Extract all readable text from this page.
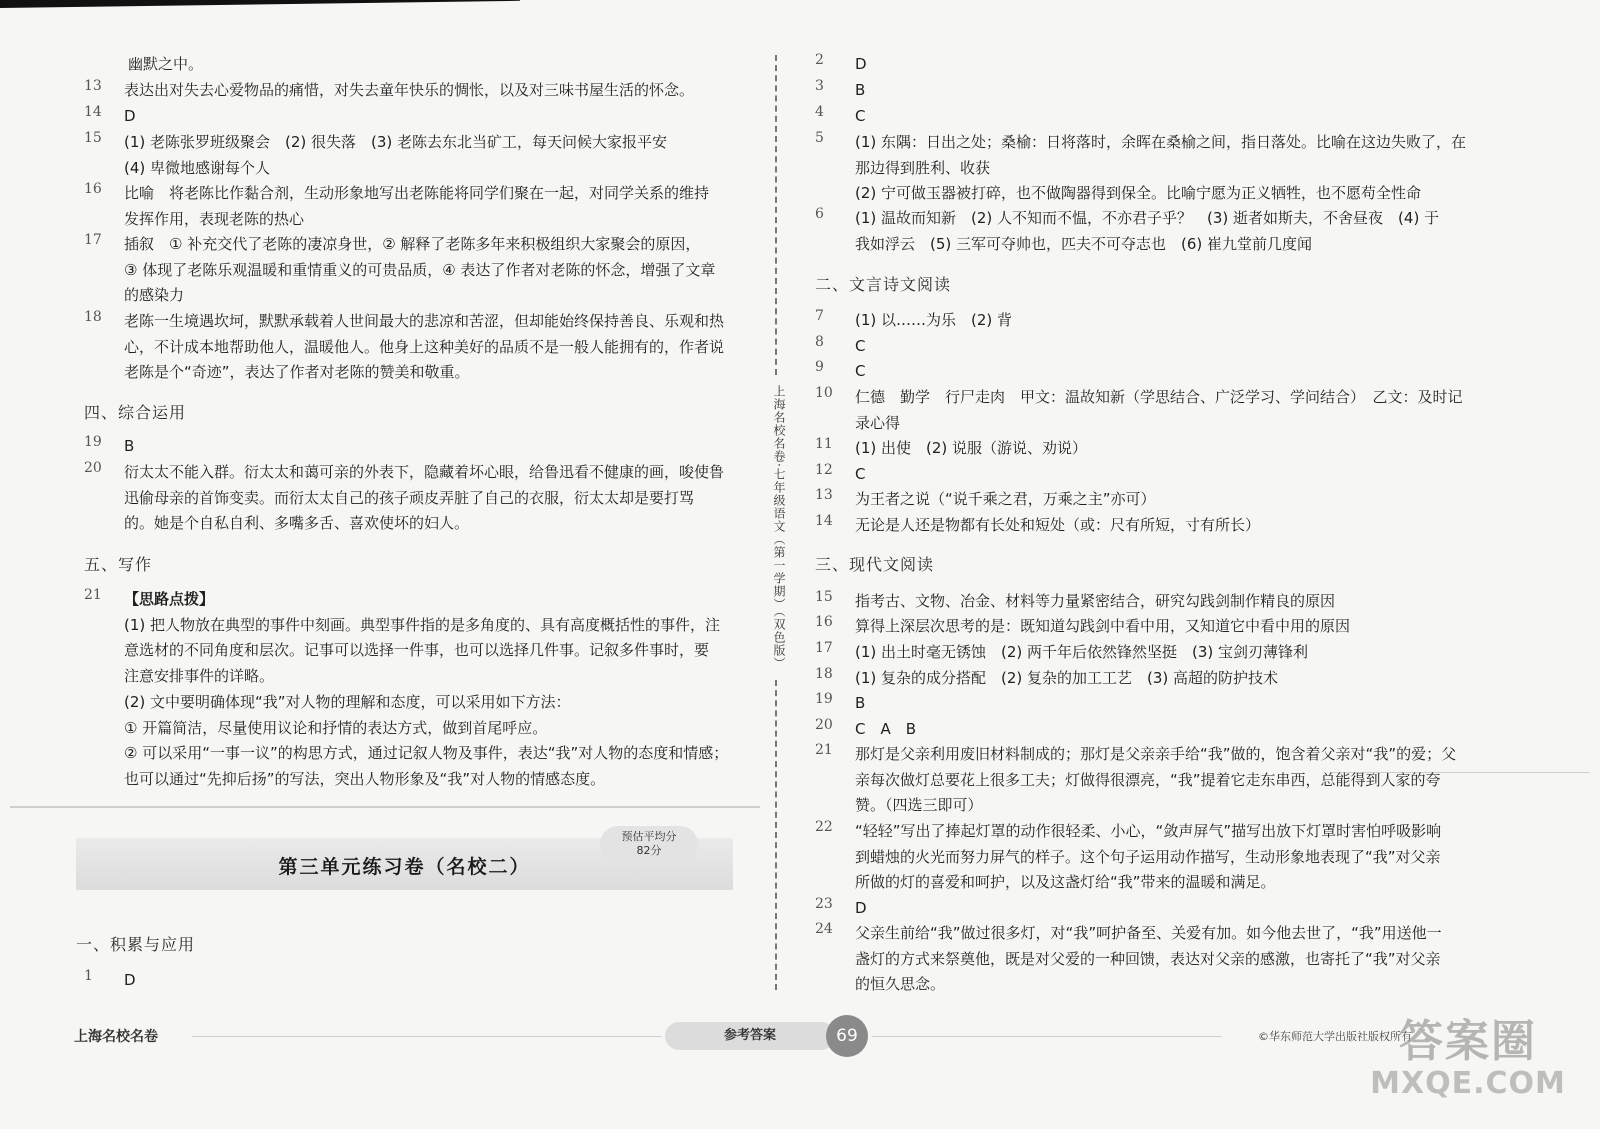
上海名校名卷·七年级语文（第一学期）（双色版）
幽默之中。
13	表达出对失去心爱物品的痛惜，对失去童年快乐的惆怅，以及对三味书屋生活的怀念。
14	D
15	(1) 老陈张罗班级聚会　(2) 很失落　(3) 老陈去东北当矿工，每天问候大家报平安
(4) 卑微地感谢每个人
16	比喻　将老陈比作黏合剂，生动形象地写出老陈能将同学们聚在一起，对同学关系的维持
发挥作用，表现老陈的热心
17	插叙　① 补充交代了老陈的凄凉身世，② 解释了老陈多年来积极组织大家聚会的原因，
③ 体现了老陈乐观温暖和重情重义的可贵品质，④ 表达了作者对老陈的怀念，增强了文章
的感染力
18	老陈一生境遇坎坷，默默承载着人世间最大的悲凉和苦涩，但却能始终保持善良、乐观和热
心，不计成本地帮助他人，温暖他人。他身上这种美好的品质不是一般人能拥有的，作者说
老陈是个“奇迹”，表达了作者对老陈的赞美和敬重。
四、综合运用
19	B
20	衍太太不能入群。衍太太和蔼可亲的外表下，隐藏着坏心眼，给鲁迅看不健康的画，唆使鲁
迅偷母亲的首饰变卖。而衍太太自己的孩子顽皮弄脏了自己的衣服，衍太太却是要打骂
的。她是个自私自利、多嘴多舌、喜欢使坏的妇人。
五、写作
21	【思路点拨】
(1) 把人物放在典型的事件中刻画。典型事件指的是多角度的、具有高度概括性的事件，注
意选材的不同角度和层次。记事可以选择一件事，也可以选择几件事。记叙多件事时，要
注意安排事件的详略。
(2) 文中要明确体现“我”对人物的理解和态度，可以采用如下方法：
① 开篇简洁，尽量使用议论和抒情的表达方式，做到首尾呼应。
② 可以采用“一事一议”的构思方式，通过记叙人物及事件，表达“我”对人物的态度和情感；
也可以通过“先抑后扬”的写法，突出人物形象及“我”对人物的情感态度。
第三单元练习卷（名校二）
预估平均分
82分
一、积累与应用
1	D
2	D
3	B
4	C
5	(1) 东隅：日出之处；桑榆：日将落时，余晖在桑榆之间，指日落处。比喻在这边失败了，在
那边得到胜利、收获
(2) 宁可做玉器被打碎，也不做陶器得到保全。比喻宁愿为正义牺牲，也不愿苟全性命
6	(1) 温故而知新　(2) 人不知而不愠，不亦君子乎？　(3) 逝者如斯夫，不舍昼夜　(4) 于
我如浮云　(5) 三军可夺帅也，匹夫不可夺志也　(6) 崔九堂前几度闻
二、文言诗文阅读
7	(1) 以……为乐　(2) 背
8	C
9	C
10	仁德　勤学　行尸走肉　甲文：温故知新（学思结合、广泛学习、学问结合）　乙文：及时记
录心得
11	(1) 出使　(2) 说服（游说、劝说）
12	C
13	为王者之说（“说千乘之君，万乘之主”亦可）
14	无论是人还是物都有长处和短处（或：尺有所短，寸有所长）
三、现代文阅读
15	指考古、文物、冶金、材料等力量紧密结合，研究勾践剑制作精良的原因
16	算得上深层次思考的是：既知道勾践剑中看中用，又知道它中看中用的原因
17	(1) 出土时毫无锈蚀　(2) 两千年后依然锋然坚挺　(3) 宝剑刃薄锋利
18	(1) 复杂的成分搭配　(2) 复杂的加工工艺　(3) 高超的防护技术
19	B
20	C　A　B
21	那灯是父亲利用废旧材料制成的；那灯是父亲亲手给“我”做的，饱含着父亲对“我”的爱；父
亲每次做灯总要花上很多工夫；灯做得很漂亮，“我”提着它走东串西，总能得到人家的夸
赞。（四选三即可）
22	“轻轻”写出了捧起灯罩的动作很轻柔、小心，“敛声屏气”描写出放下灯罩时害怕呼吸影响
到蜡烛的火光而努力屏气的样子。这个句子运用动作描写，生动形象地表现了“我”对父亲
所做的灯的喜爱和呵护，以及这盏灯给“我”带来的温暖和满足。
23	D
24	父亲生前给“我”做过很多灯，对“我”呵护备至、关爱有加。如今他去世了，“我”用送他一
盏灯的方式来祭奠他，既是对父爱的一种回馈，表达对父亲的感激，也寄托了“我”对父亲
的恒久思念。
上海名校名卷	参考答案	69	©华东师范大学出版社版权所有
答案圈
MXQE.COM
